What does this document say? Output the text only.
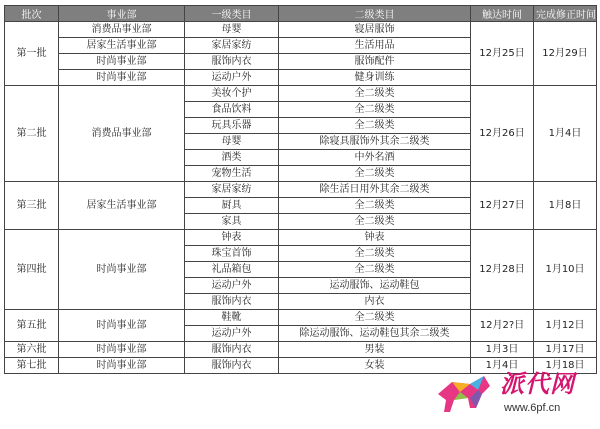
批次	事业部	一级类目	二级类目	触达时间	完成修正时间
第一批	消费品事业部	母婴	寝居服饰	12月25日	12月29日
	居家生活事业部	家居家纺	生活用品		
	时尚事业部	服饰内衣	服饰配件		
	时尚事业部	运动户外	健身训练		
第二批	消费品事业部	美妆个护	全二级类	12月26日	1月4日
		食品饮料	全二级类		
		玩具乐器	全二级类		
		母婴	除寝具服饰外其余二级类		
		酒类	中外名酒		
		宠物生活	全二级类		
第三批	居家生活事业部	家居家纺	除生活日用外其余二级类	12月27日	1月8日
		厨具	全二级类		
		家具	全二级类		
第四批	时尚事业部	钟表	钟表	12月28日	1月10日
		珠宝首饰	全二级类		
		礼品箱包	全二级类		
		运动户外	运动服饰、运动鞋包		
		服饰内衣	内衣		
第五批	时尚事业部	鞋靴	全二级类	12月2?日	1月12日
		运动户外	除运动服饰、运动鞋包其余二级类		
第六批	时尚事业部	服饰内衣	男装	1月3日	1月17日
第七批	时尚事业部	服饰内衣	女装	1月4日	1月18日
派代网
www.6pf.cn
